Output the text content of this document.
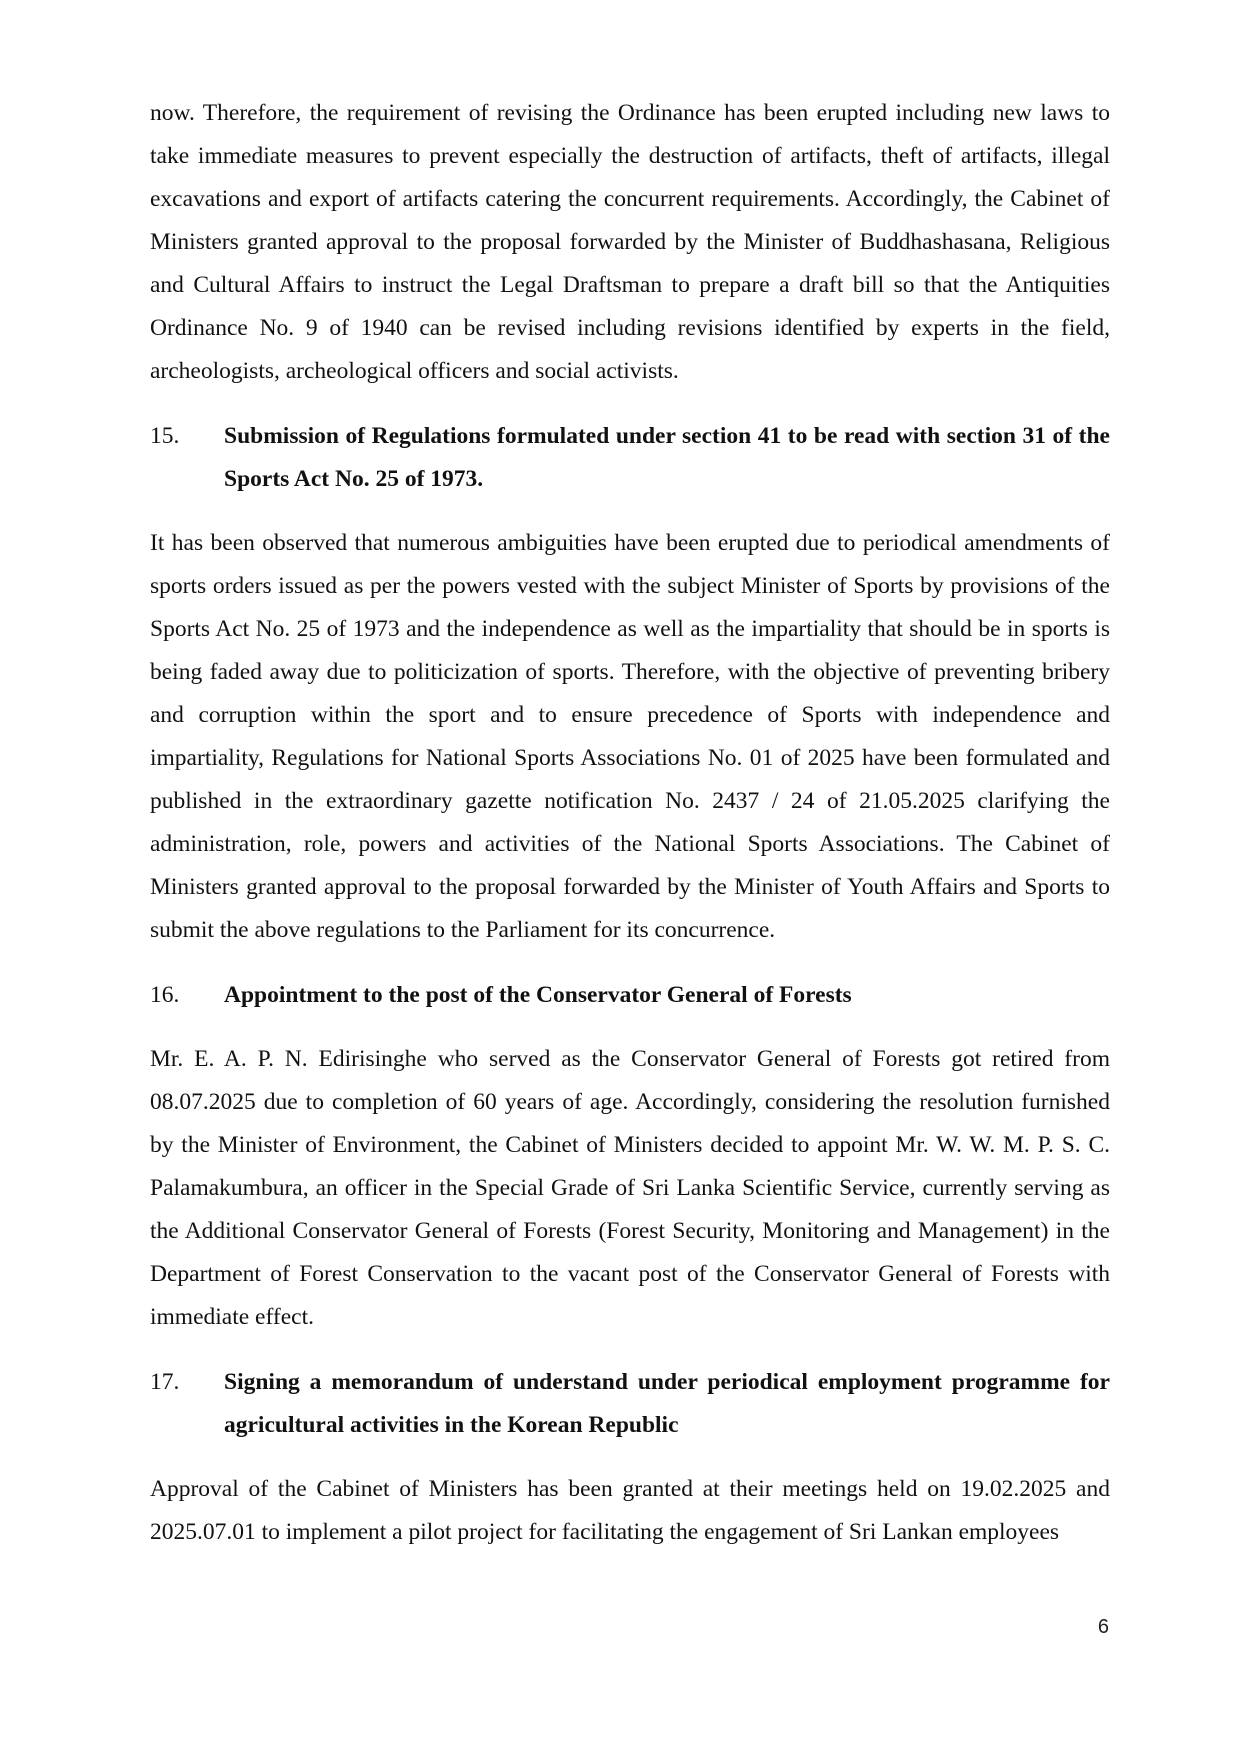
now. Therefore, the requirement of revising the Ordinance has been erupted including new laws to take immediate measures to prevent especially the destruction of artifacts, theft of artifacts, illegal excavations and export of artifacts catering the concurrent requirements. Accordingly, the Cabinet of Ministers granted approval to the proposal forwarded by the Minister of Buddhashasana, Religious and Cultural Affairs to instruct the Legal Draftsman to prepare a draft bill so that the Antiquities Ordinance No. 9 of 1940 can be revised including revisions identified by experts in the field, archeologists, archeological officers and social activists.

15.	Submission of Regulations formulated under section 41 to be read with section 31 of the Sports Act No. 25 of 1973.

It has been observed that numerous ambiguities have been erupted due to periodical amendments of sports orders issued as per the powers vested with the subject Minister of Sports by provisions of the Sports Act No. 25 of 1973 and the independence as well as the impartiality that should be in sports is being faded away due to politicization of sports. Therefore, with the objective of preventing bribery and corruption within the sport and to ensure precedence of Sports with independence and impartiality, Regulations for National Sports Associations No. 01 of 2025 have been formulated and published in the extraordinary gazette notification No. 2437 / 24 of 21.05.2025 clarifying the administration, role, powers and activities of the National Sports Associations. The Cabinet of Ministers granted approval to the proposal forwarded by the Minister of Youth Affairs and Sports to submit the above regulations to the Parliament for its concurrence.

16.	Appointment to the post of the Conservator General of Forests

Mr. E. A. P. N. Edirisinghe who served as the Conservator General of Forests got retired from 08.07.2025 due to completion of 60 years of age. Accordingly, considering the resolution furnished by the Minister of Environment, the Cabinet of Ministers decided to appoint Mr. W. W. M. P. S. C. Palamakumbura, an officer in the Special Grade of Sri Lanka Scientific Service, currently serving as the Additional Conservator General of Forests (Forest Security, Monitoring and Management) in the Department of Forest Conservation to the vacant post of the Conservator General of Forests with immediate effect.

17.	Signing a memorandum of understand under periodical employment programme for agricultural activities in the Korean Republic

Approval of the Cabinet of Ministers has been granted at their meetings held on 19.02.2025 and 2025.07.01 to implement a pilot project for facilitating the engagement of Sri Lankan employees

6
